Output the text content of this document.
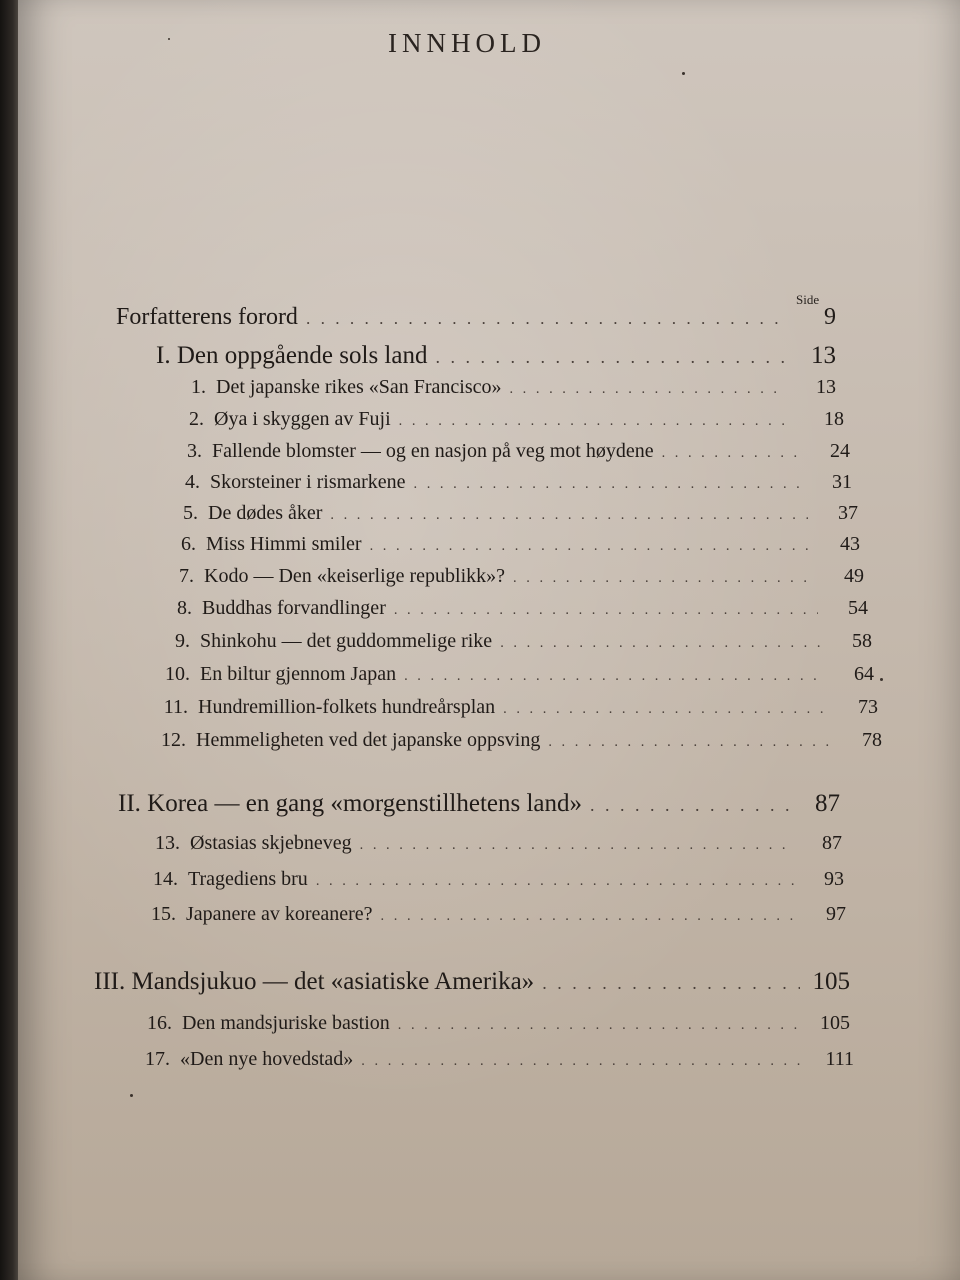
INNHOLD
Side
Forfatterens forord . . .	9
I. Den oppgående sols land . . .	13
1. Det japanske rikes «San Francisco» . . .	13
2. Øya i skyggen av Fuji . . .	18
3. Fallende blomster — og en nasjon på veg mot høydene . . .	24
4. Skorsteiner i rismarkene . . .	31
5. De dødes åker . . .	37
6. Miss Himmi smiler . . .	43
7. Kodo — Den «keiserlige republikk»? . . .	49
8. Buddhas forvandlinger . . .	54
9. Shinkohu — det guddommelige rike . . .	58
10. En biltur gjennom Japan . . .	64
11. Hundremillion-folkets hundreårsplan . . .	73
12. Hemmeligheten ved det japanske oppsving . . .	78
II. Korea — en gang «morgenstillhetens land» . . .	87
13. Østasias skjebneveg . . .	87
14. Tragediens bru . . .	93
15. Japanere av koreanere? . . .	97
III. Mandsjukuo — det «asiatiske Amerika» . . .	105
16. Den mandsjuriske bastion . . .	105
17. «Den nye hovedstad» . . .	111
